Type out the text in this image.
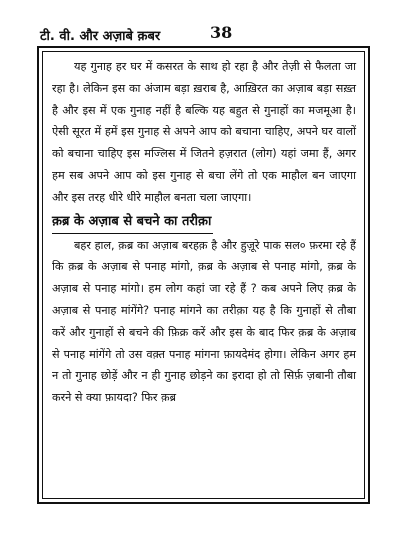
टी. वी. और अज़ाबे क़बर	38

यह गुनाह हर घर में कसरत के साथ हो रहा है और तेज़ी से फैलता जा रहा है। लेकिन इस का अंजाम बड़ा ख़राब है, आख़िरत का अज़ाब बड़ा सख़्त है और इस में एक गुनाह नहीं है बल्कि यह बहुत से गुनाहों का मजमूआ है। ऐसी सूरत में हमें इस गुनाह से अपने आप को बचाना चाहिए, अपने घर वालों को बचाना चाहिए इस मज्लिस में जितने हज़रात (लोग) यहां जमा हैं, अगर हम सब अपने आप को इस गुनाह से बचा लेंगे तो एक माहौल बन जाएगा और इस तरह धीरे धीरे माहौल बनता चला जाएगा।

क़ब्र के अज़ाब से बचने का तरीक़ा

बहर हाल, क़ब्र का अज़ाब बरहक़ है और हुज़ूरे पाक सल० फ़रमा रहे हैं कि क़ब्र के अज़ाब से पनाह मांगो, क़ब्र के अज़ाब से पनाह मांगो, क़ब्र के अज़ाब से पनाह मांगो। हम लोग कहां जा रहे हैं ? कब अपने लिए क़ब्र के अज़ाब से पनाह मांगेंगे? पनाह मांगने का तरीक़ा यह है कि गुनाहों से तौबा करें और गुनाहों से बचने की फ़िक्र करें और इस के बाद फिर क़ब्र के अज़ाब से पनाह मांगेंगे तो उस वक़्त पनाह मांगना फ़ायदेमंद होगा। लेकिन अगर हम न तो गुनाह छोड़ें और न ही गुनाह छोड़ने का इरादा हो तो सिर्फ़ ज़बानी तौबा करने से क्या फ़ायदा? फिर क़ब्र
